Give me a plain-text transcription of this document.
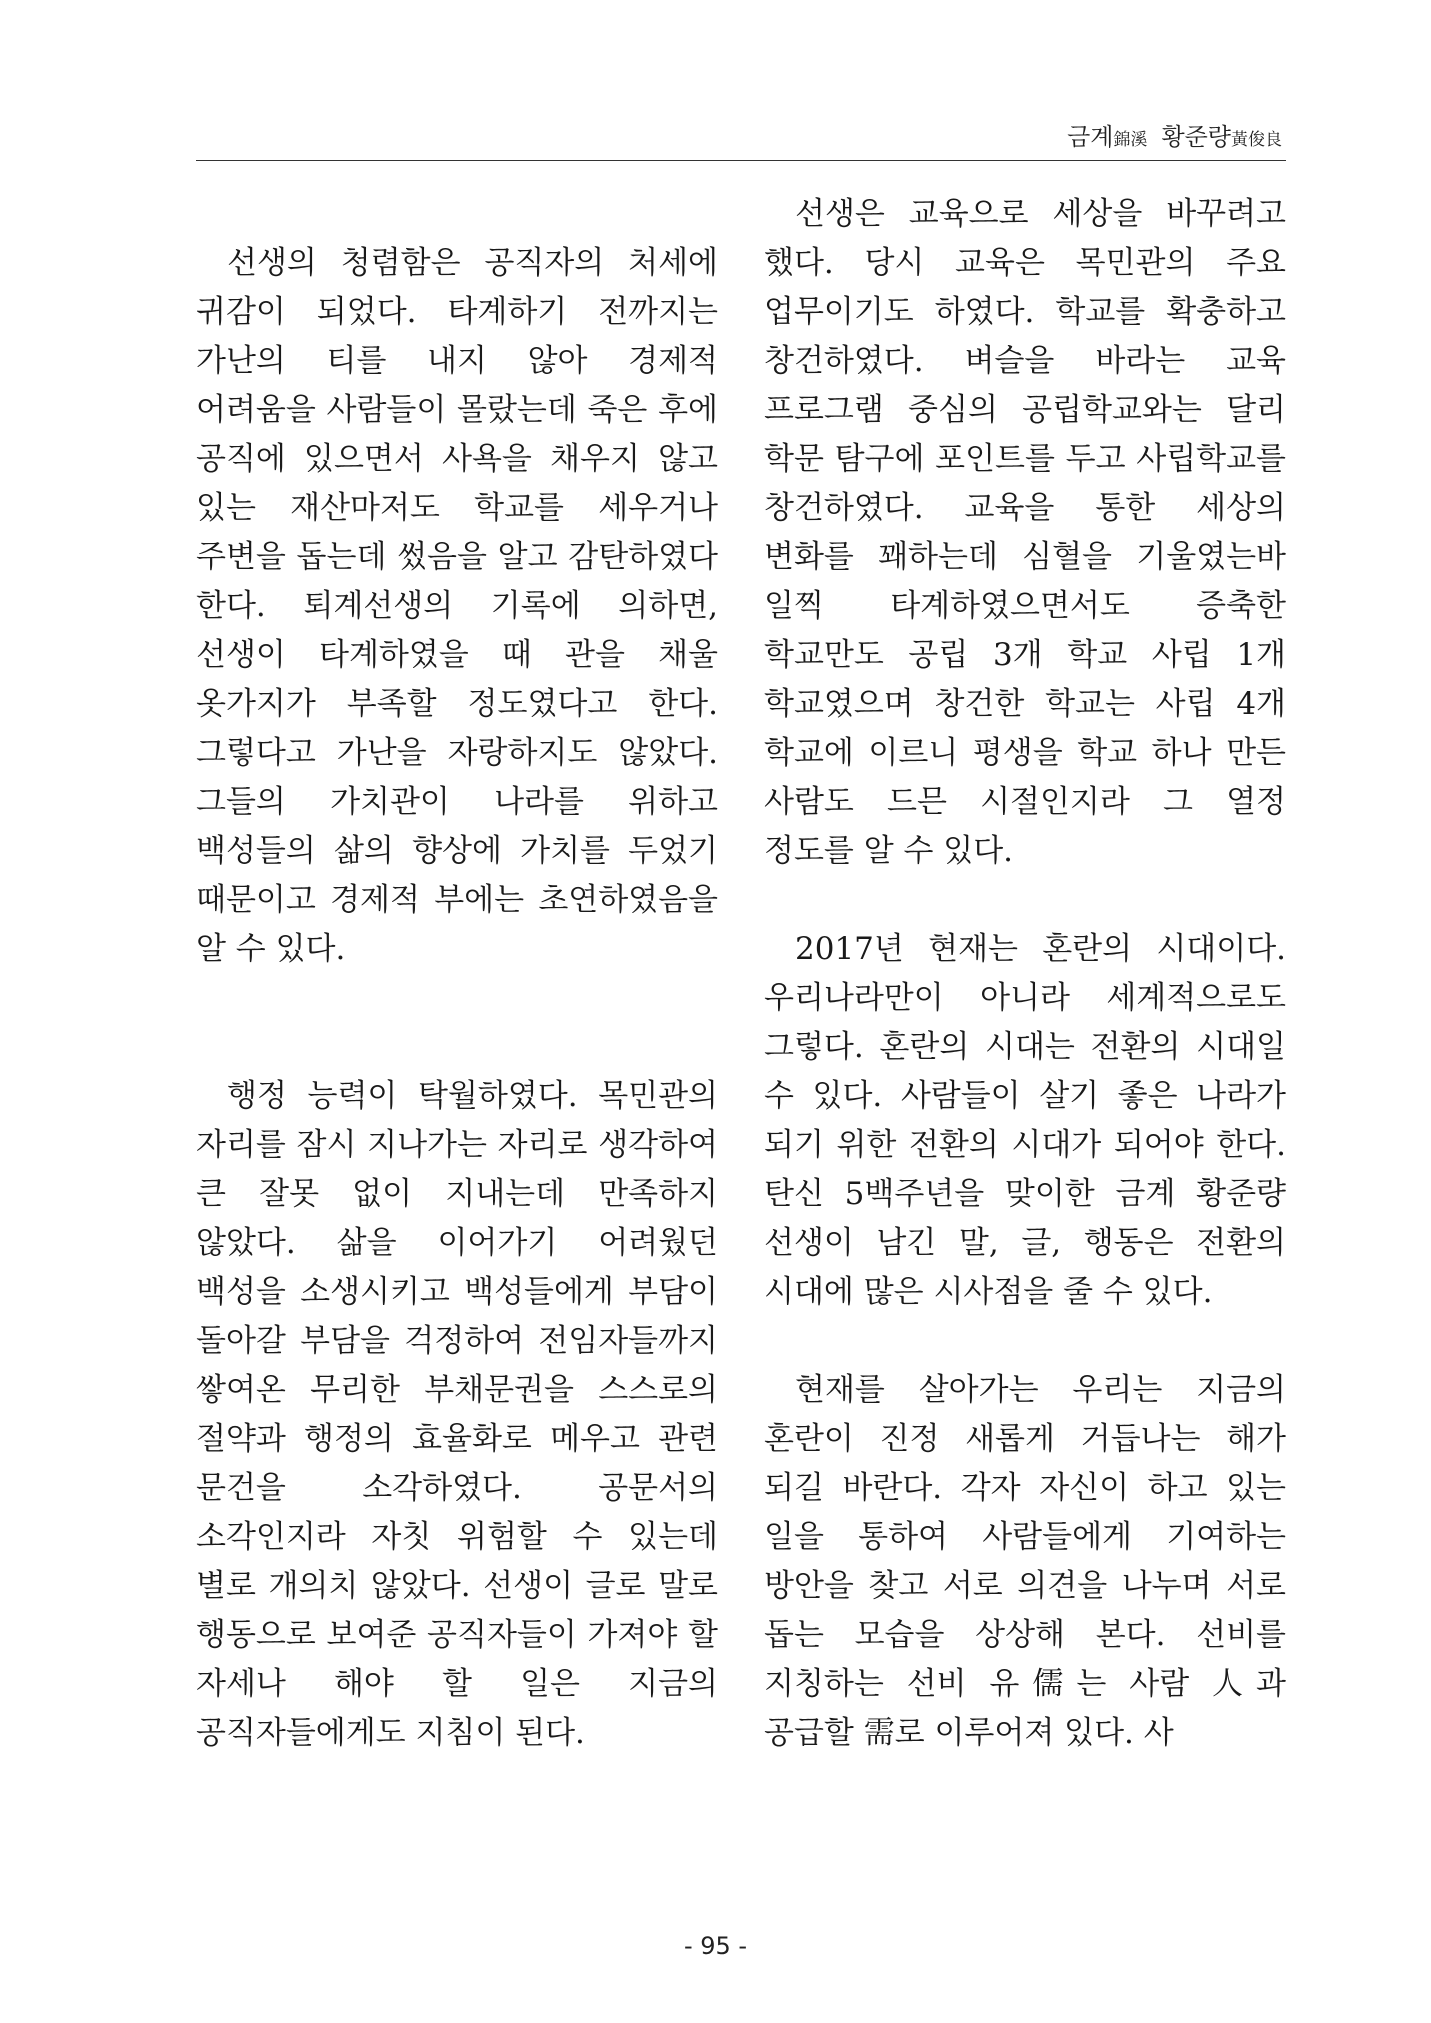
금계錦溪 황준량黃俊良

선생의 청렴함은 공직자의 처세에 귀감이 되었다. 타계하기 전까지는 가난의 티를 내지 않아 경제적 어려움을 사람들이 몰랐는데 죽은 후에 공직에 있으면서 사욕을 채우지 않고 있는 재산마저도 학교를 세우거나 주변을 돕는데 썼음을 알고 감탄하였다 한다. 퇴계선생의 기록에 의하면, 선생이 타계하였을 때 관을 채울 옷가지가 부족할 정도였다고 한다. 그렇다고 가난을 자랑하지도 않았다. 그들의 가치관이 나라를 위하고 백성들의 삶의 향상에 가치를 두었기 때문이고 경제적 부에는 초연하였음을 알 수 있다.

행정 능력이 탁월하였다. 목민관의 자리를 잠시 지나가는 자리로 생각하여 큰 잘못 없이 지내는데 만족하지 않았다. 삶을 이어가기 어려웠던 백성을 소생시키고 백성들에게 부담이 돌아갈 부담을 걱정하여 전임자들까지 쌓여온 무리한 부채문권을 스스로의 절약과 행정의 효율화로 메우고 관련 문건을 소각하였다. 공문서의 소각인지라 자칫 위험할 수 있는데 별로 개의치 않았다. 선생이 글로 말로 행동으로 보여준 공직자들이 가져야 할 자세나 해야 할 일은 지금의 공직자들에게도 지침이 된다.

선생은 교육으로 세상을 바꾸려고 했다. 당시 교육은 목민관의 주요 업무이기도 하였다. 학교를 확충하고 창건하였다. 벼슬을 바라는 교육 프로그램 중심의 공립학교와는 달리 학문 탐구에 포인트를 두고 사립학교를 창건하였다. 교육을 통한 세상의 변화를 꽤하는데 심혈을 기울였는바 일찍 타계하였으면서도 증축한 학교만도 공립 3개 학교 사립 1개 학교였으며 창건한 학교는 사립 4개 학교에 이르니 평생을 학교 하나 만든 사람도 드믄 시절인지라 그 열정 정도를 알 수 있다.

2017년 현재는 혼란의 시대이다. 우리나라만이 아니라 세계적으로도 그렇다. 혼란의 시대는 전환의 시대일 수 있다. 사람들이 살기 좋은 나라가 되기 위한 전환의 시대가 되어야 한다. 탄신 5백주년을 맞이한 금계 황준량 선생이 남긴 말, 글, 행동은 전환의 시대에 많은 시사점을 줄 수 있다.

현재를 살아가는 우리는 지금의 혼란이 진정 새롭게 거듭나는 해가 되길 바란다. 각자 자신이 하고 있는 일을 통하여 사람들에게 기여하는 방안을 찾고 서로 의견을 나누며 서로 돕는 모습을 상상해 본다. 선비를 지칭하는 선비 유儒는 사람 人과 공급할 需로 이루어져 있다. 사

- 95 -
